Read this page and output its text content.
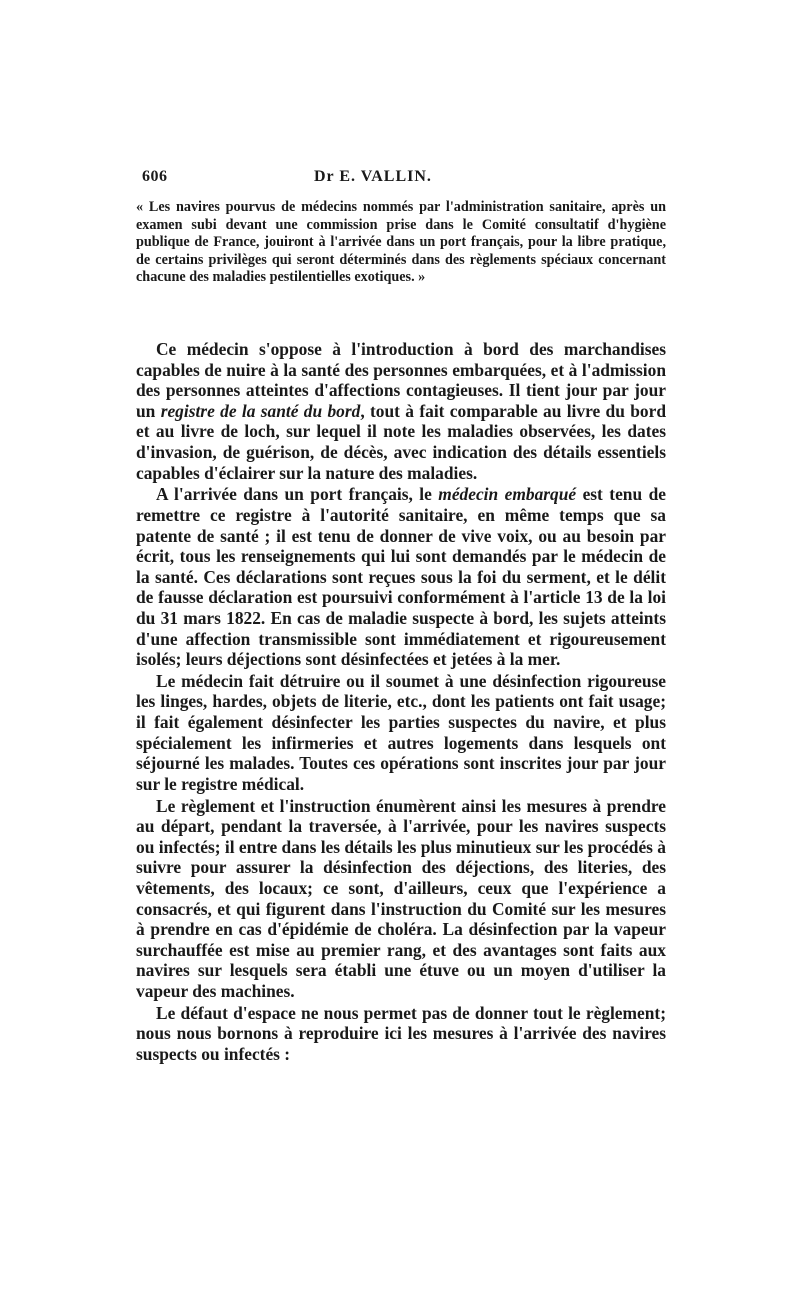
606	Dr E. VALLIN.

« Les navires pourvus de médecins nommés par l'administration sanitaire, après un examen subi devant une commission prise dans le Comité consultatif d'hygiène publique de France, jouiront à l'arrivée dans un port français, pour la libre pratique, de certains privilèges qui seront déterminés dans des règlements spéciaux concernant chacune des maladies pestilentielles exotiques. »

Ce médecin s'oppose à l'introduction à bord des marchandises capables de nuire à la santé des personnes embarquées, et à l'admission des personnes atteintes d'affections contagieuses. Il tient jour par jour un registre de la santé du bord, tout à fait comparable au livre du bord et au livre de loch, sur lequel il note les maladies observées, les dates d'invasion, de guérison, de décès, avec indication des détails essentiels capables d'éclairer sur la nature des maladies.

A l'arrivée dans un port français, le médecin embarqué est tenu de remettre ce registre à l'autorité sanitaire, en même temps que sa patente de santé ; il est tenu de donner de vive voix, ou au besoin par écrit, tous les renseignements qui lui sont demandés par le médecin de la santé. Ces déclarations sont reçues sous la foi du serment, et le délit de fausse déclaration est poursuivi conformément à l'article 13 de la loi du 31 mars 1822. En cas de maladie suspecte à bord, les sujets atteints d'une affection transmissible sont immédiatement et rigoureusement isolés; leurs déjections sont désinfectées et jetées à la mer.

Le médecin fait détruire ou il soumet à une désinfection rigoureuse les linges, hardes, objets de literie, etc., dont les patients ont fait usage; il fait également désinfecter les parties suspectes du navire, et plus spécialement les infirmeries et autres logements dans lesquels ont séjourné les malades. Toutes ces opérations sont inscrites jour par jour sur le registre médical.

Le règlement et l'instruction énumèrent ainsi les mesures à prendre au départ, pendant la traversée, à l'arrivée, pour les navires suspects ou infectés; il entre dans les détails les plus minutieux sur les procédés à suivre pour assurer la désinfection des déjections, des literies, des vêtements, des locaux; ce sont, d'ailleurs, ceux que l'expérience a consacrés, et qui figurent dans l'instruction du Comité sur les mesures à prendre en cas d'épidémie de choléra. La désinfection par la vapeur surchauffée est mise au premier rang, et des avantages sont faits aux navires sur lesquels sera établi une étuve ou un moyen d'utiliser la vapeur des machines.

Le défaut d'espace ne nous permet pas de donner tout le règlement; nous nous bornons à reproduire ici les mesures à l'arrivée des navires suspects ou infectés :
